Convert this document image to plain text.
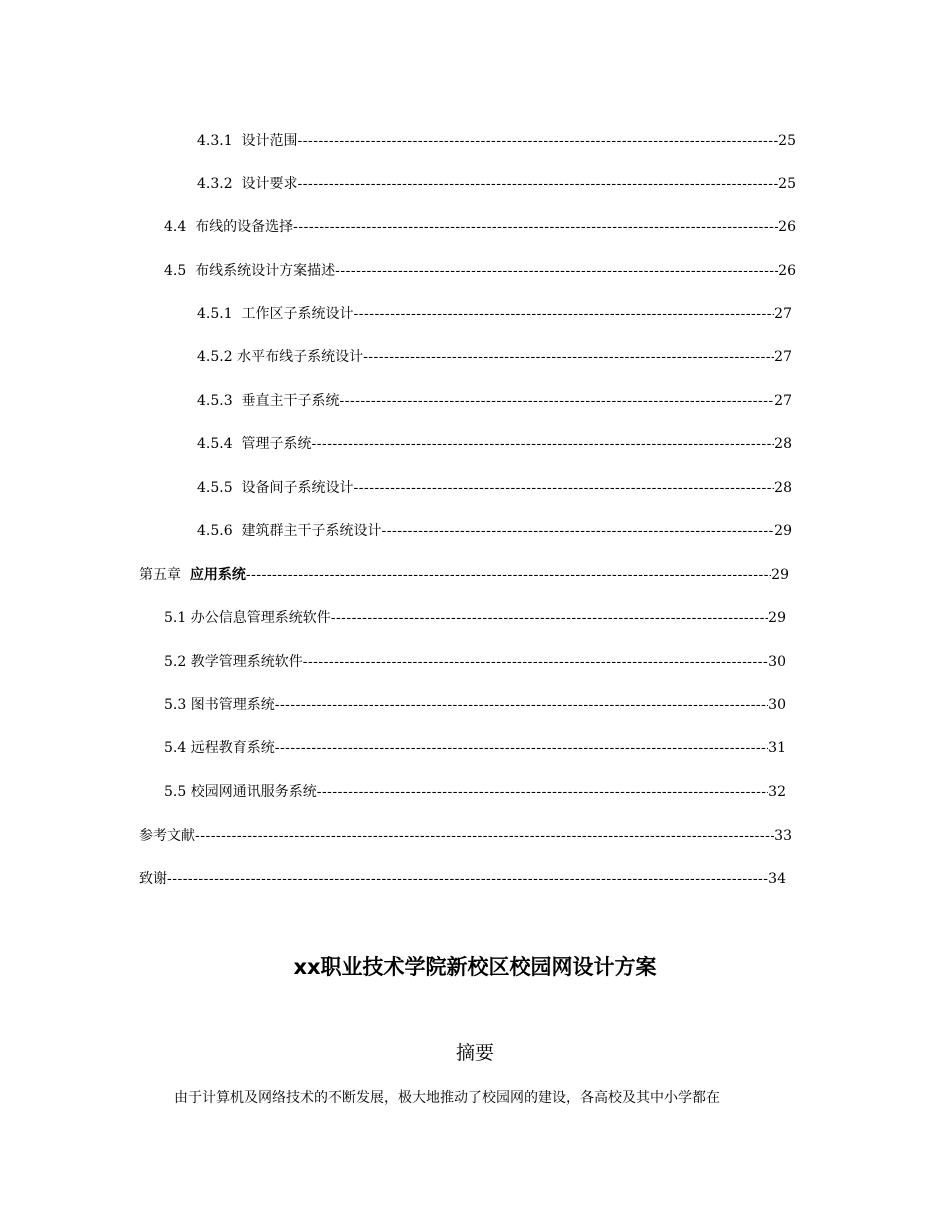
4.3.1 设计范围 -----	25
4.3.2 设计要求 -----	25
4.4 布线的设备选择 -----	26
4.5 布线系统设计方案描述 -----	26
4.5.1 工作区子系统设计 -----	27
4.5.2 水平布线子系统设计 -----	27
4.5.3 垂直主干子系统 -----	27
4.5.4 管理子系统 -----	28
4.5.5 设备间子系统设计 -----	28
4.5.6 建筑群主干子系统设计 -----	29
第五章 应用系统 -----	29
5.1 办公信息管理系统软件 -----	29
5.2 教学管理系统软件 -----	30
5.3 图书管理系统 -----	30
5.4 远程教育系统 -----	31
5.5 校园网通讯服务系统 -----	32
参考文献 -----	33
致谢 -----	34
xx职业技术学院新校区校园网设计方案
摘要
由于计算机及网络技术的不断发展，极大地推动了校园网的建设，各高校及其中小学都在
